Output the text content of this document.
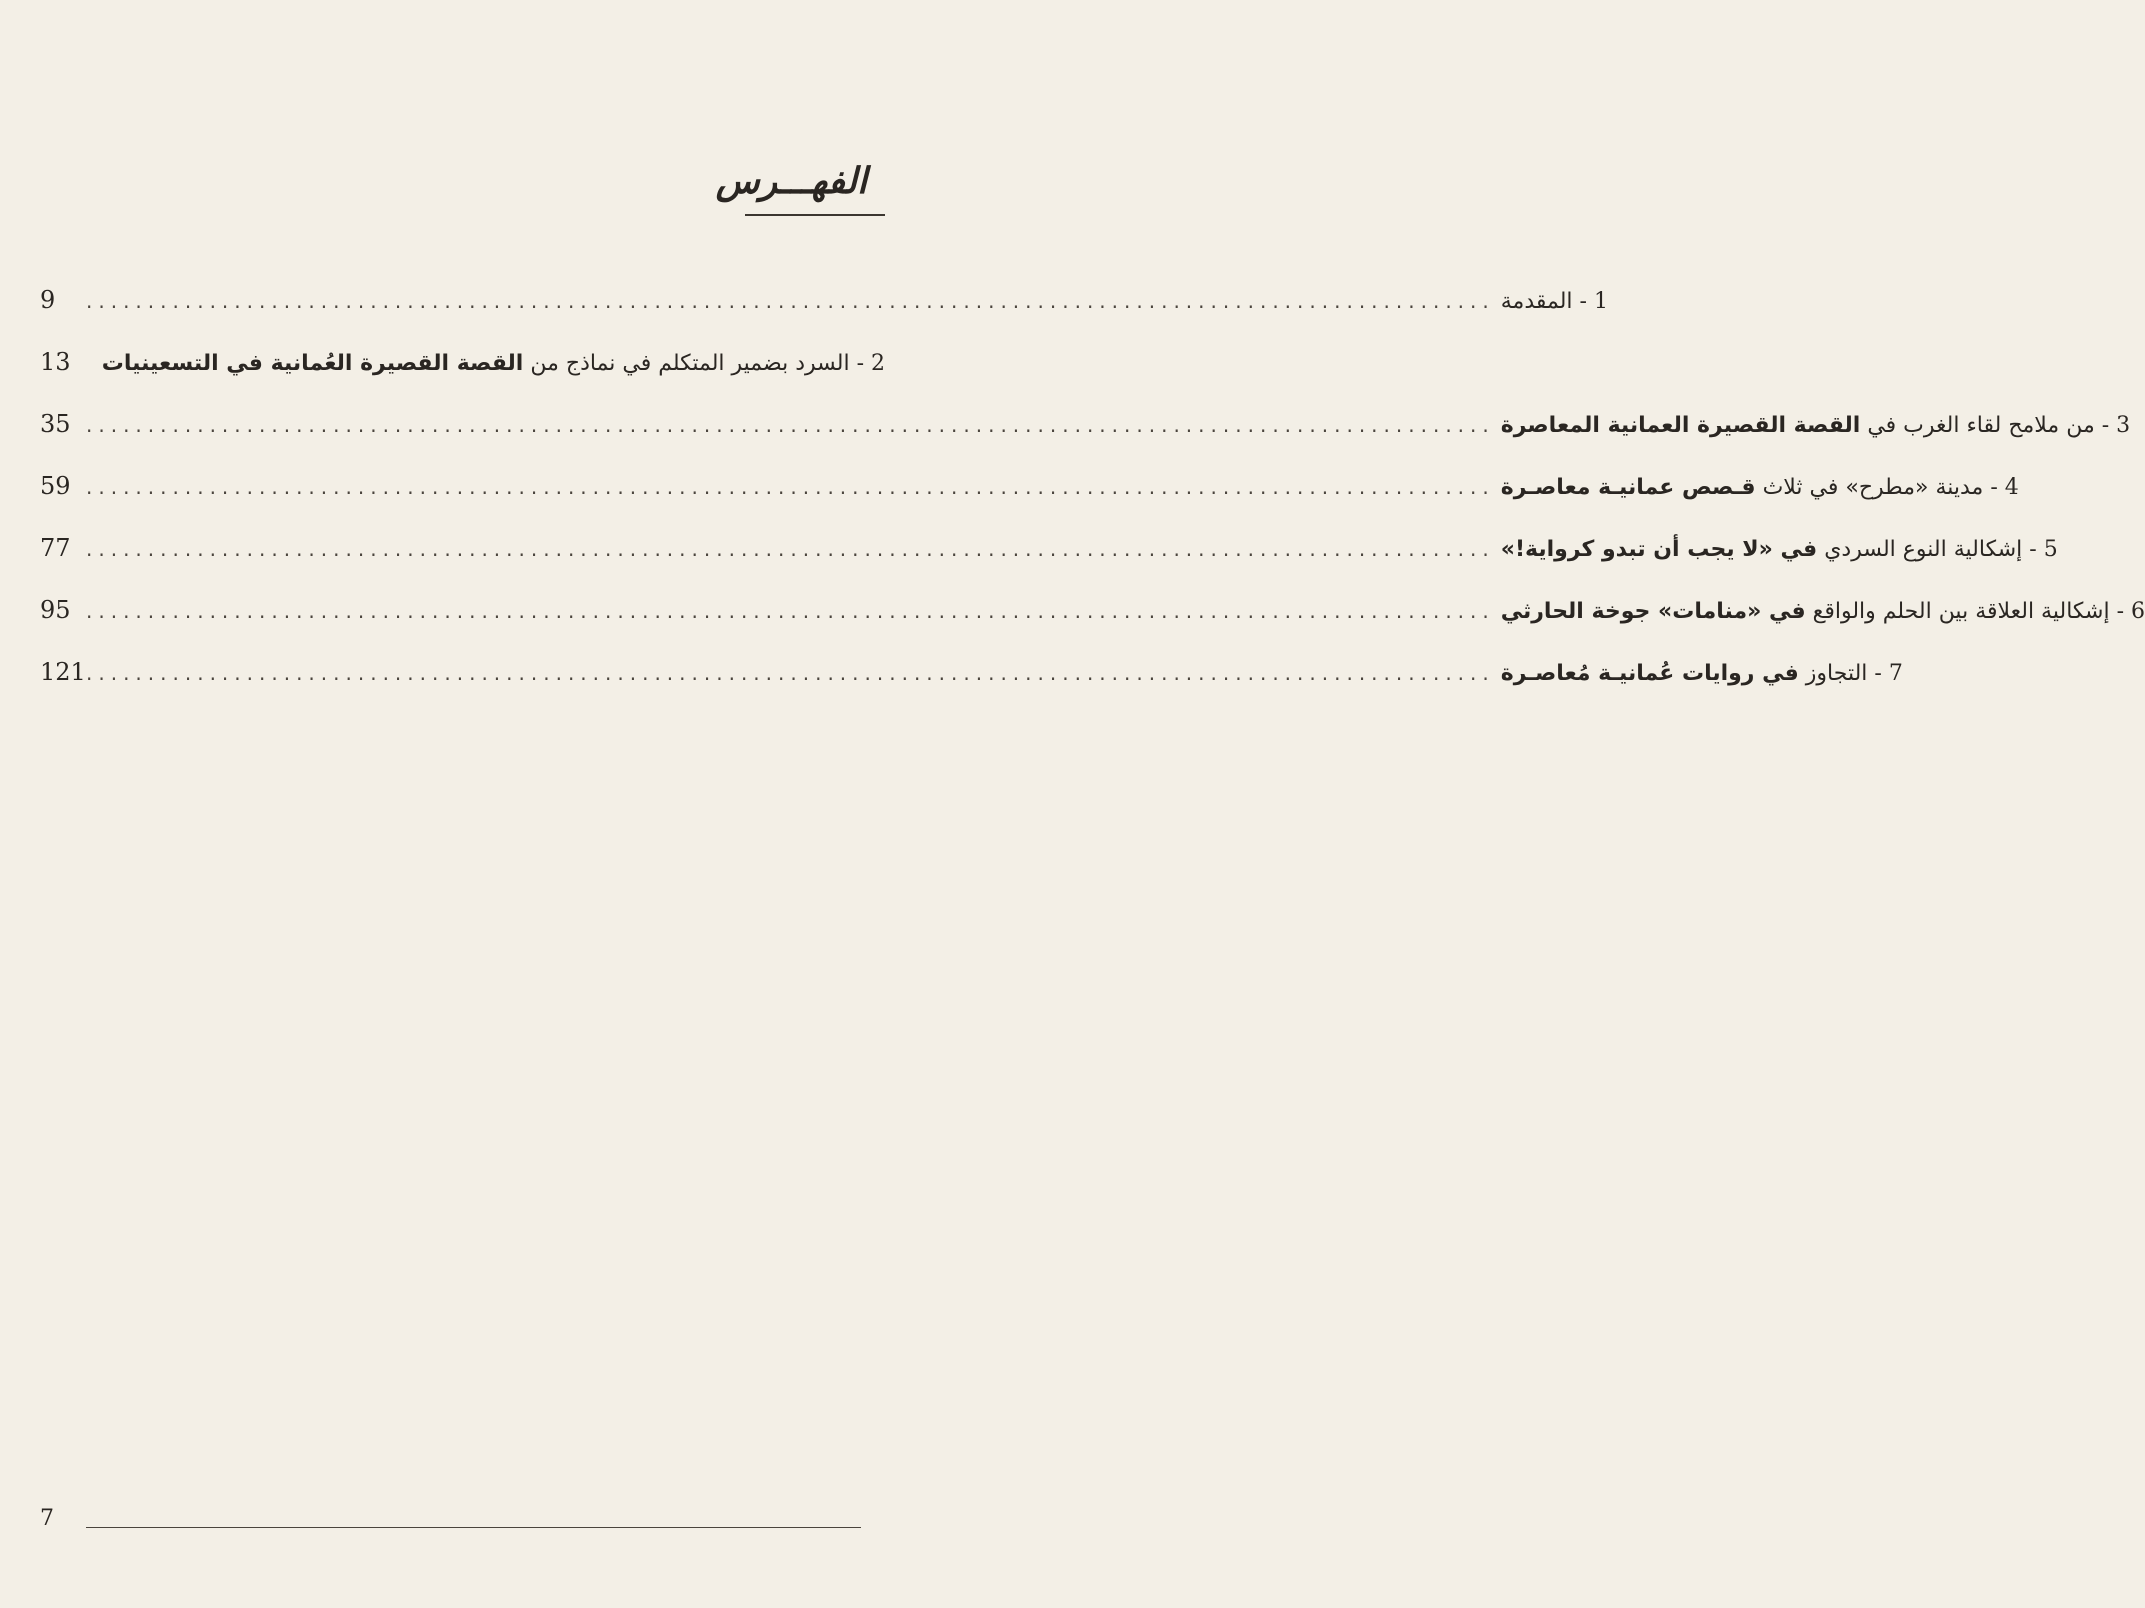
الفهـــرس
9	..................................................................................................................	1 - المقدمة
13	2 - السرد بضمير المتكلم في نماذج من القصة القصيرة العُمانية في التسعينيات
35 ..................................................................................................................	3 - من ملامح لقاء الغرب في القصة القصيرة العمانية المعاصرة
59 ..................................................................................................................	4 - مدينة «مطرح» في ثلاث قـصص عمانيـة معاصـرة
77 ..................................................................................................................	5 - إشكالية النوع السردي في «لا يجب أن تبدو كرواية!»
95 ..................................................................................................................	6 - إشكالية العلاقة بين الحلم والواقع في «منامات» جوخة الحارثي
121 ..................................................................................................................	7 - التجاوز في روايات عُمانيـة مُعاصـرة
7
